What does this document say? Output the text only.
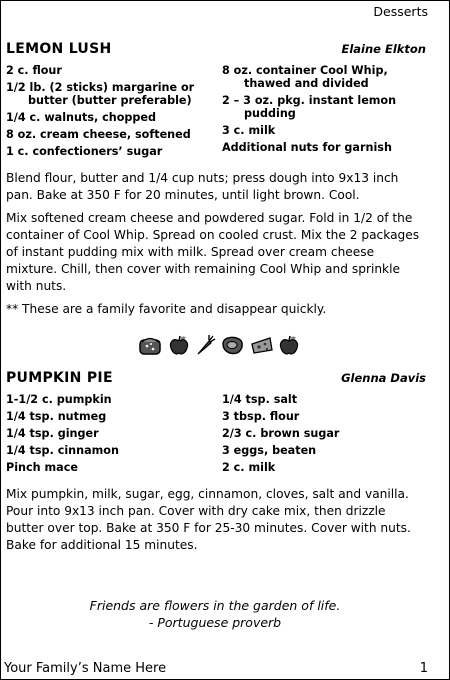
Desserts
LEMON LUSH	Elaine Elkton
2 c. flour
1/2 lb. (2 sticks) margarine or butter (butter preferable)
1/4 c. walnuts, chopped
8 oz. cream cheese, softened
1 c. confectioners’ sugar
8 oz. container Cool Whip, thawed and divided
2 – 3 oz. pkg. instant lemon pudding
3 c. milk
Additional nuts for garnish

Blend flour, butter and 1/4 cup nuts; press dough into 9x13 inch pan. Bake at 350 F for 20 minutes, until light brown. Cool.

Mix softened cream cheese and powdered sugar. Fold in 1/2 of the container of Cool Whip. Spread on cooled crust. Mix the 2 packages of instant pudding mix with milk. Spread over cream cheese mixture. Chill, then cover with remaining Cool Whip and sprinkle with nuts.

** These are a family favorite and disappear quickly.

PUMPKIN PIE	Glenna Davis
1-1/2 c. pumpkin
1/4 tsp. nutmeg
1/4 tsp. ginger
1/4 tsp. cinnamon
Pinch mace
1/4 tsp. salt
3 tbsp. flour
2/3 c. brown sugar
3 eggs, beaten
2 c. milk

Mix pumpkin, milk, sugar, egg, cinnamon, cloves, salt and vanilla. Pour into 9x13 inch pan. Cover with dry cake mix, then drizzle butter over top. Bake at 350 F for 25-30 minutes. Cover with nuts. Bake for additional 15 minutes.

Friends are flowers in the garden of life.
- Portuguese proverb
Your Family’s Name Here	1
